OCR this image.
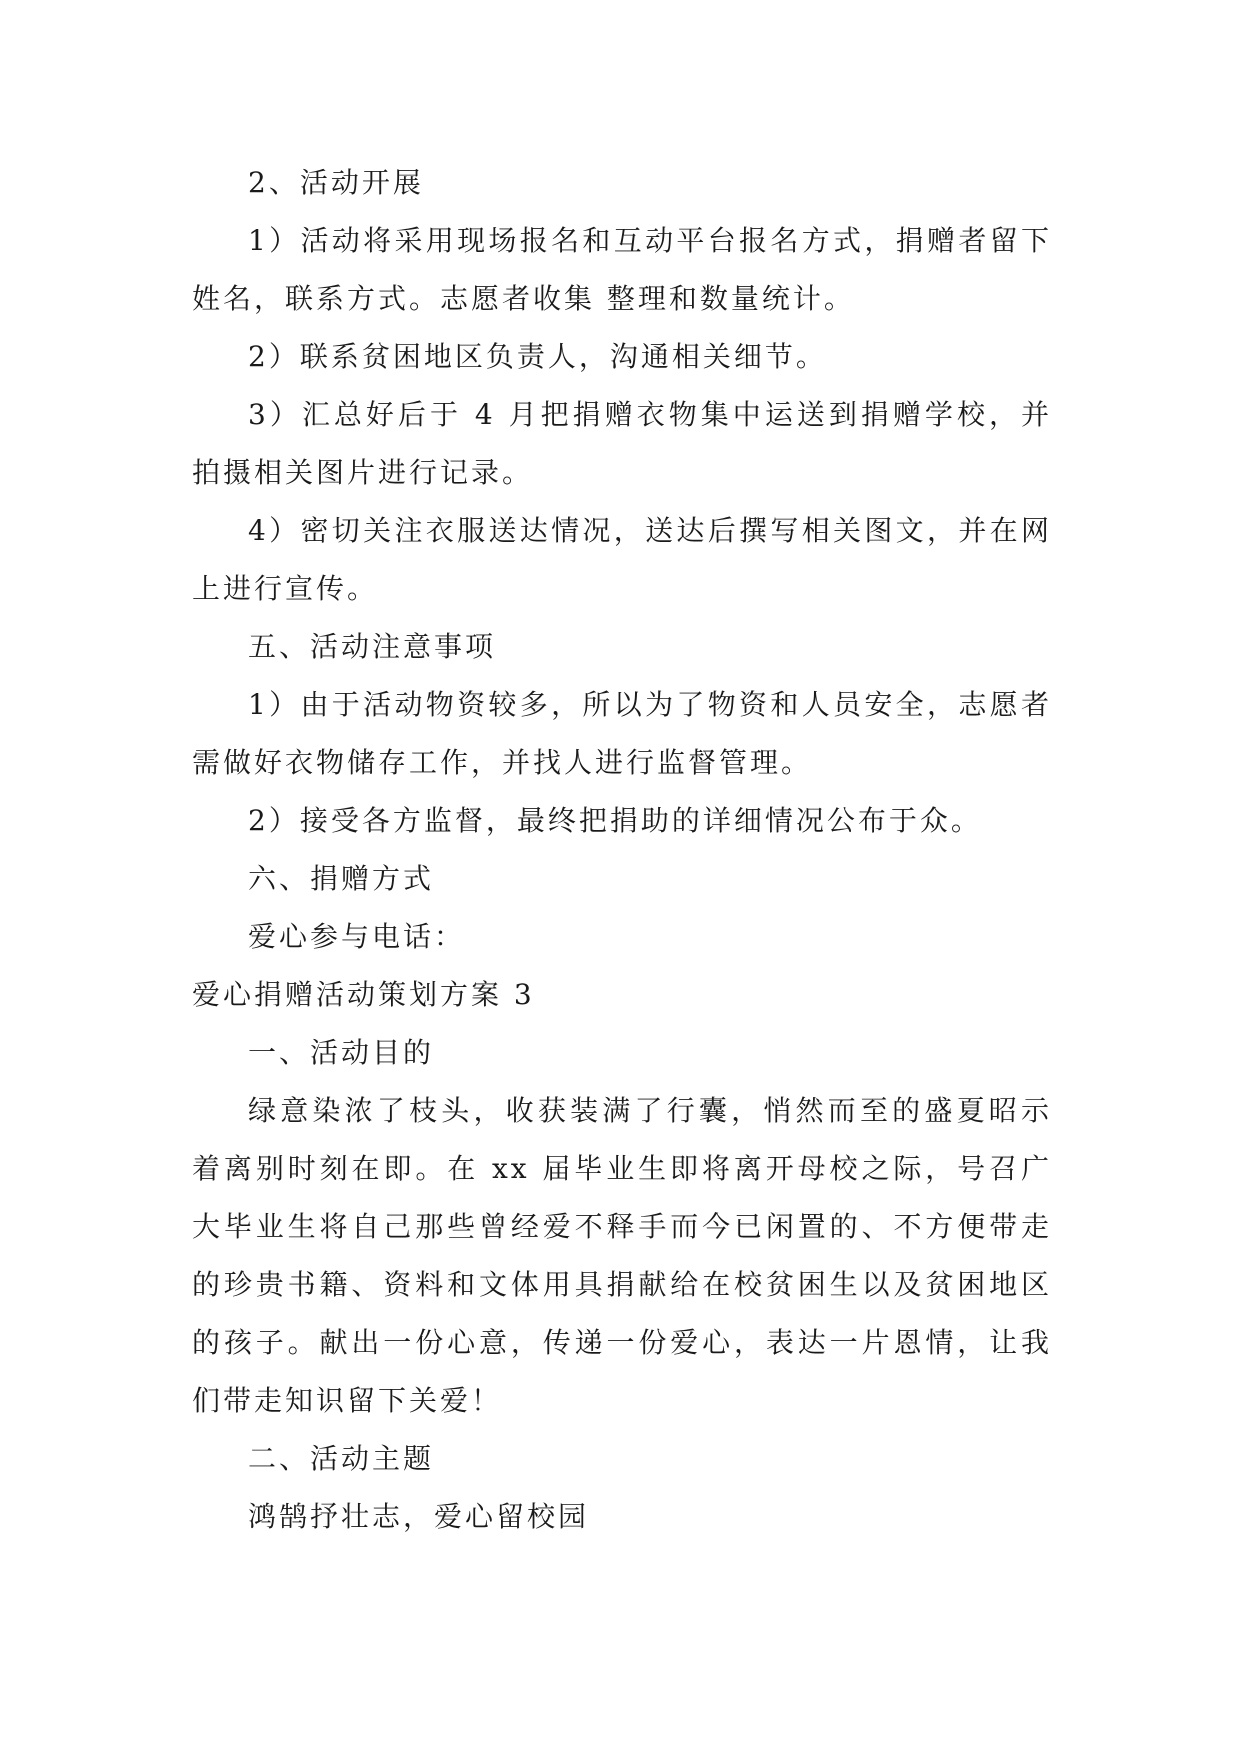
2、活动开展

1）活动将采用现场报名和互动平台报名方式，捐赠者留下姓名，联系方式。志愿者收集 整理和数量统计。

2）联系贫困地区负责人，沟通相关细节。

3）汇总好后于 4 月把捐赠衣物集中运送到捐赠学校，并拍摄相关图片进行记录。

4）密切关注衣服送达情况，送达后撰写相关图文，并在网上进行宣传。

五、活动注意事项

1）由于活动物资较多，所以为了物资和人员安全，志愿者需做好衣物储存工作，并找人进行监督管理。

2）接受各方监督，最终把捐助的详细情况公布于众。

六、捐赠方式

爱心参与电话：

爱心捐赠活动策划方案 3

一、活动目的

绿意染浓了枝头，收获装满了行囊，悄然而至的盛夏昭示着离别时刻在即。在 xx 届毕业生即将离开母校之际，号召广大毕业生将自己那些曾经爱不释手而今已闲置的、不方便带走的珍贵书籍、资料和文体用具捐献给在校贫困生以及贫困地区的孩子。献出一份心意，传递一份爱心，表达一片恩情，让我们带走知识留下关爱！

二、活动主题

鸿鹄抒壮志，爱心留校园
